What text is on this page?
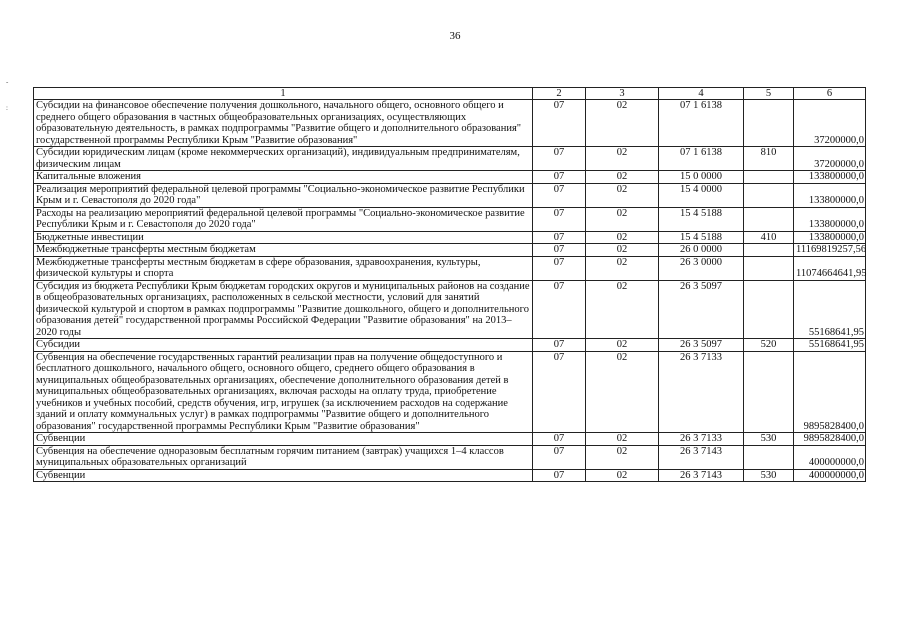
36
-
:
1	2	3	4	5	6
Субсидии на финансовое обеспечение получения дошкольного, начального общего, основного общего и среднего общего образования в частных общеобразовательных организациях, осуществляющих образовательную деятельность, в рамках подпрограммы "Развитие общего и дополнительного образования" государственной программы Республики Крым "Развитие образования"	07	02	07 1 6138		37200000,0
Субсидии юридическим лицам (кроме некоммерческих организаций), индивидуальным предпринимателям, физическим лицам	07	02	07 1 6138	810	37200000,0
Капитальные вложения	07	02	15 0 0000		133800000,0
Реализация мероприятий федеральной целевой программы "Социально-экономическое развитие Республики Крым и г. Севастополя до 2020 года"	07	02	15 4 0000		133800000,0
Расходы на реализацию мероприятий федеральной целевой программы "Социально-экономическое развитие Республики Крым и г. Севастополя до 2020 года"	07	02	15 4 5188		133800000,0
Бюджетные инвестиции	07	02	15 4 5188	410	133800000,0
Межбюджетные трансферты местным бюджетам	07	02	26 0 0000		11169819257,56
Межбюджетные трансферты местным бюджетам в сфере образования, здравоохранения, культуры, физической культуры и спорта	07	02	26 3 0000		11074664641,95
Субсидия из бюджета Республики Крым бюджетам городских округов и муниципальных районов на создание в общеобразовательных организациях, расположенных в сельской местности, условий для занятий физической культурой и спортом в рамках подпрограммы "Развитие дошкольного, общего и дополнительного образования детей" государственной программы Российской Федерации "Развитие образования" на 2013–2020 годы	07	02	26 3 5097		55168641,95
Субсидии	07	02	26 3 5097	520	55168641,95
Субвенция на обеспечение государственных гарантий реализации прав на получение общедоступного и бесплатного дошкольного, начального общего, основного общего, среднего общего образования в муниципальных общеобразовательных организациях, обеспечение дополнительного образования детей в муниципальных общеобразовательных организациях, включая расходы на оплату труда, приобретение учебников и учебных пособий, средств обучения, игр, игрушек (за исключением расходов на содержание зданий и оплату коммунальных услуг) в рамках подпрограммы "Развитие общего и дополнительного образования" государственной программы Республики Крым "Развитие образования"	07	02	26 3 7133		9895828400,0
Субвенции	07	02	26 3 7133	530	9895828400,0
Субвенция на обеспечение одноразовым бесплатным горячим питанием (завтрак) учащихся 1–4 классов муниципальных образовательных организаций	07	02	26 3 7143		400000000,0
Субвенции	07	02	26 3 7143	530	400000000,0
